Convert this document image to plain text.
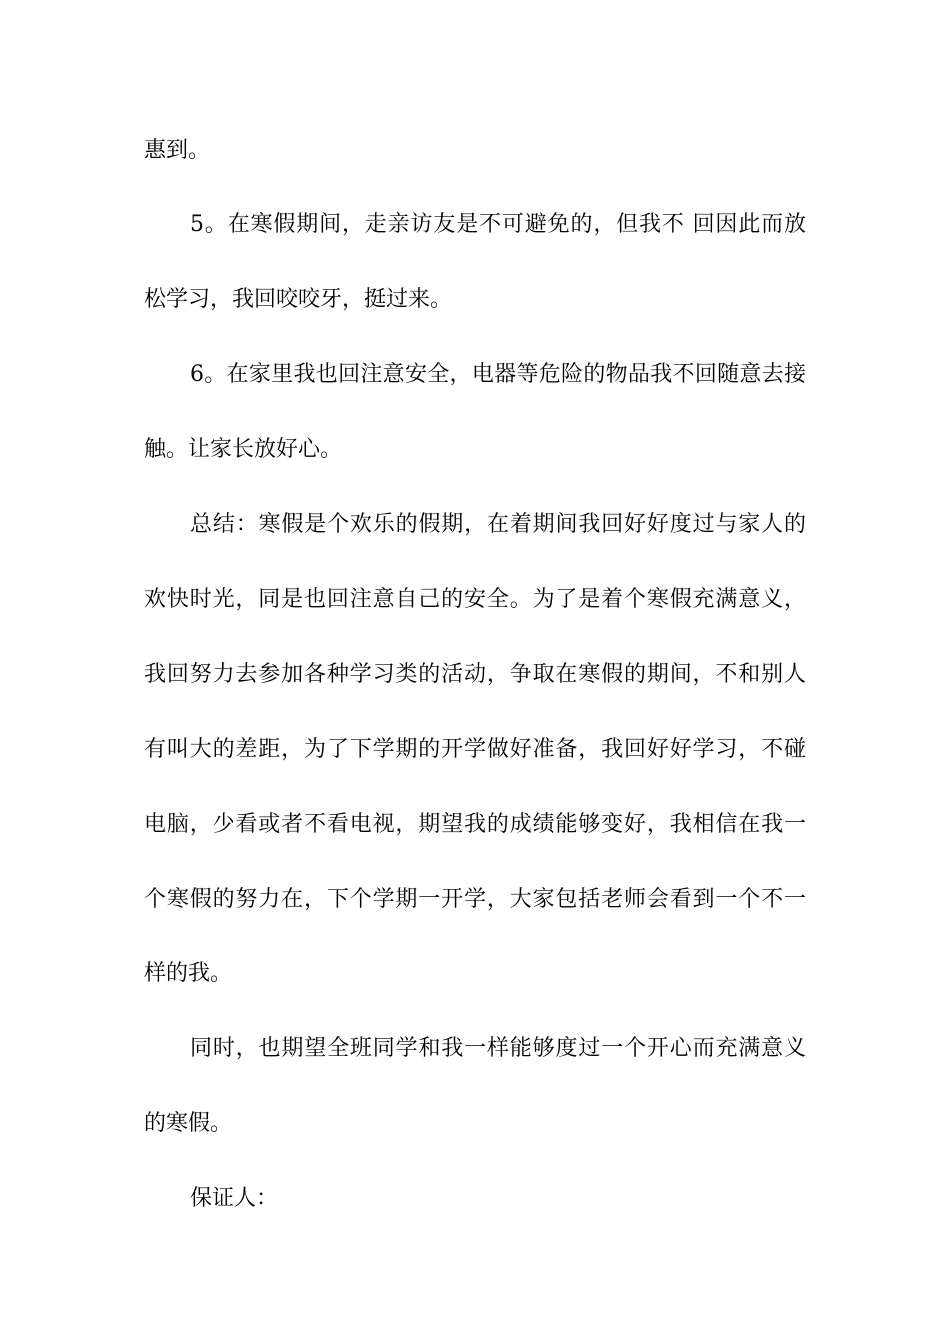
惠到。
5。在寒假期间，走亲访友是不可避免的，但我不 回因此而放
松学习，我回咬咬牙，挺过来。
6。在家里我也回注意安全，电器等危险的物品我不回随意去接
触。让家长放好心。
总结：寒假是个欢乐的假期，在着期间我回好好度过与家人的
欢快时光，同是也回注意自己的安全。为了是着个寒假充满意义，
我回努力去参加各种学习类的活动，争取在寒假的期间，不和别人
有叫大的差距，为了下学期的开学做好准备，我回好好学习，不碰
电脑，少看或者不看电视，期望我的成绩能够变好，我相信在我一
个寒假的努力在，下个学期一开学，大家包括老师会看到一个不一
样的我。
同时，也期望全班同学和我一样能够度过一个开心而充满意义
的寒假。
保证人：
